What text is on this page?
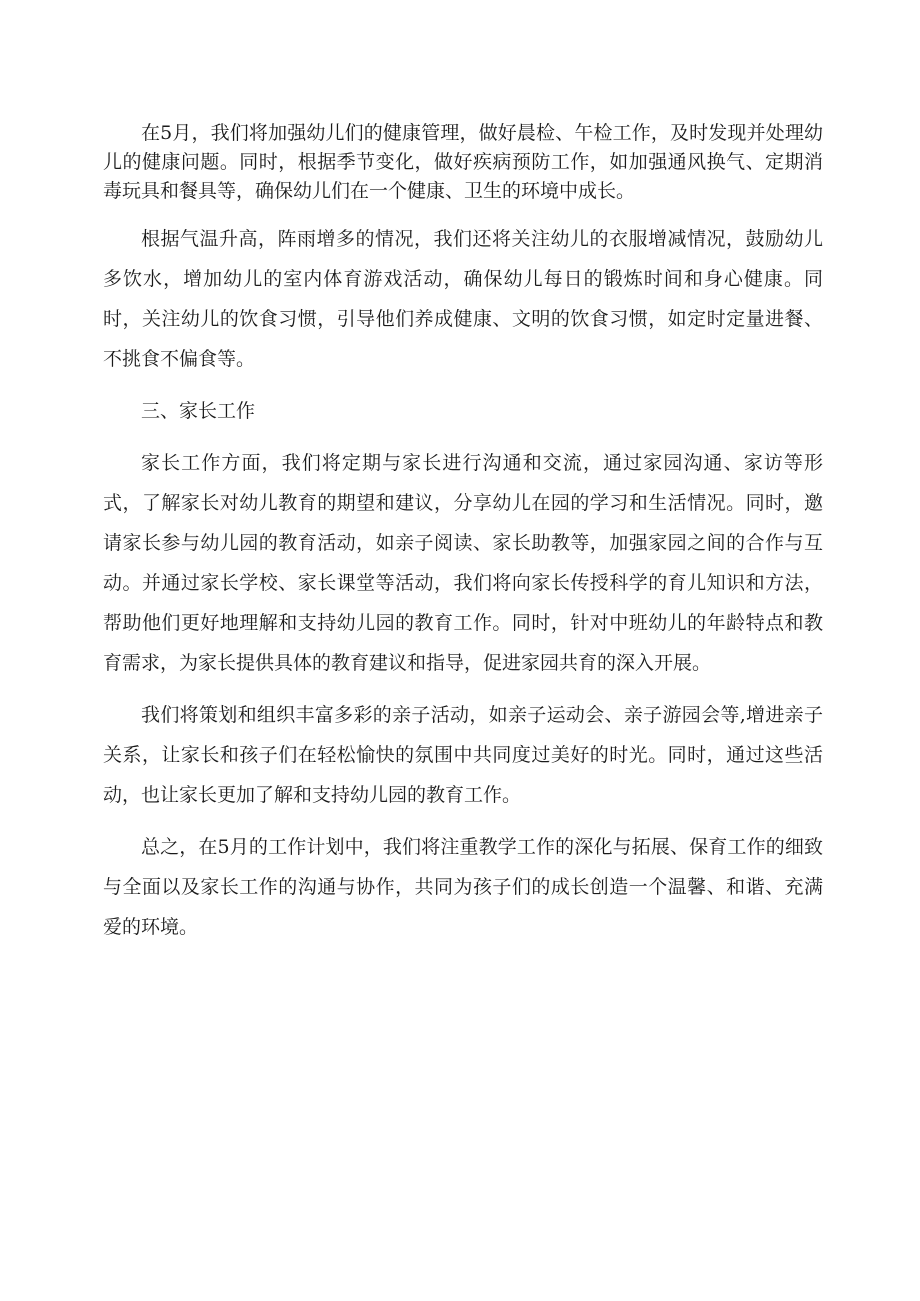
在5月，我们将加强幼儿们的健康管理，做好晨检、午检工作，及时发现并处理幼儿的健康问题。同时，根据季节变化，做好疾病预防工作，如加强通风换气、定期消毒玩具和餐具等，确保幼儿们在一个健康、卫生的环境中成长。

根据气温升高，阵雨增多的情况，我们还将关注幼儿的衣服增减情况，鼓励幼儿多饮水，增加幼儿的室内体育游戏活动，确保幼儿每日的锻炼时间和身心健康。同时，关注幼儿的饮食习惯，引导他们养成健康、文明的饮食习惯，如定时定量进餐、不挑食不偏食等。

三、家长工作

家长工作方面，我们将定期与家长进行沟通和交流，通过家园沟通、家访等形式，了解家长对幼儿教育的期望和建议，分享幼儿在园的学习和生活情况。同时，邀请家长参与幼儿园的教育活动，如亲子阅读、家长助教等，加强家园之间的合作与互动。并通过家长学校、家长课堂等活动，我们将向家长传授科学的育儿知识和方法，帮助他们更好地理解和支持幼儿园的教育工作。同时，针对中班幼儿的年龄特点和教育需求，为家长提供具体的教育建议和指导，促进家园共育的深入开展。

我们将策划和组织丰富多彩的亲子活动，如亲子运动会、亲子游园会等,增进亲子关系，让家长和孩子们在轻松愉快的氛围中共同度过美好的时光。同时，通过这些活动，也让家长更加了解和支持幼儿园的教育工作。

总之，在5月的工作计划中，我们将注重教学工作的深化与拓展、保育工作的细致与全面以及家长工作的沟通与协作，共同为孩子们的成长创造一个温馨、和谐、充满爱的环境。
